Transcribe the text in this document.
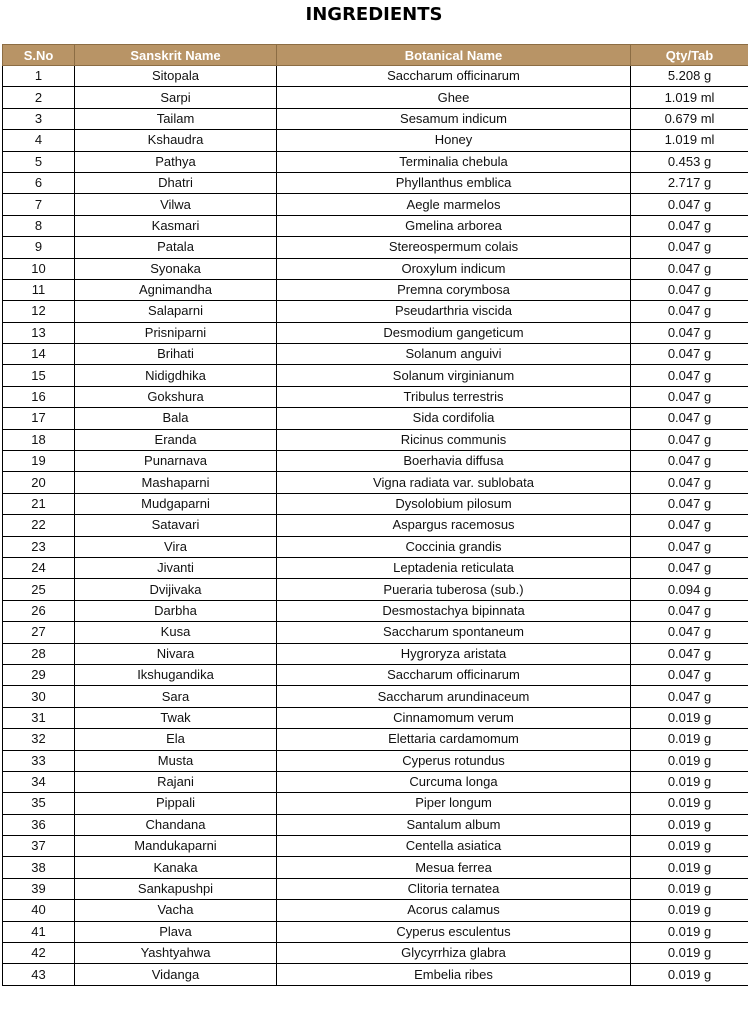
INGREDIENTS
S.No	Sanskrit Name	Botanical Name	Qty/Tab
1	Sitopala	Saccharum officinarum	5.208 g
2	Sarpi	Ghee	1.019 ml
3	Tailam	Sesamum indicum	0.679 ml
4	Kshaudra	Honey	1.019 ml
5	Pathya	Terminalia chebula	0.453 g
6	Dhatri	Phyllanthus emblica	2.717 g
7	Vilwa	Aegle marmelos	0.047 g
8	Kasmari	Gmelina arborea	0.047 g
9	Patala	Stereospermum colais	0.047 g
10	Syonaka	Oroxylum indicum	0.047 g
11	Agnimandha	Premna corymbosa	0.047 g
12	Salaparni	Pseudarthria viscida	0.047 g
13	Prisniparni	Desmodium gangeticum	0.047 g
14	Brihati	Solanum anguivi	0.047 g
15	Nidigdhika	Solanum virginianum	0.047 g
16	Gokshura	Tribulus terrestris	0.047 g
17	Bala	Sida cordifolia	0.047 g
18	Eranda	Ricinus communis	0.047 g
19	Punarnava	Boerhavia diffusa	0.047 g
20	Mashaparni	Vigna radiata var. sublobata	0.047 g
21	Mudgaparni	Dysolobium pilosum	0.047 g
22	Satavari	Aspargus racemosus	0.047 g
23	Vira	Coccinia grandis	0.047 g
24	Jivanti	Leptadenia reticulata	0.047 g
25	Dvijivaka	Pueraria tuberosa (sub.)	0.094 g
26	Darbha	Desmostachya bipinnata	0.047 g
27	Kusa	Saccharum spontaneum	0.047 g
28	Nivara	Hygroryza aristata	0.047 g
29	Ikshugandika	Saccharum officinarum	0.047 g
30	Sara	Saccharum arundinaceum	0.047 g
31	Twak	Cinnamomum verum	0.019 g
32	Ela	Elettaria cardamomum	0.019 g
33	Musta	Cyperus rotundus	0.019 g
34	Rajani	Curcuma longa	0.019 g
35	Pippali	Piper longum	0.019 g
36	Chandana	Santalum album	0.019 g
37	Mandukaparni	Centella asiatica	0.019 g
38	Kanaka	Mesua ferrea	0.019 g
39	Sankapushpi	Clitoria ternatea	0.019 g
40	Vacha	Acorus calamus	0.019 g
41	Plava	Cyperus esculentus	0.019 g
42	Yashtyahwa	Glycyrrhiza glabra	0.019 g
43	Vidanga	Embelia ribes	0.019 g
